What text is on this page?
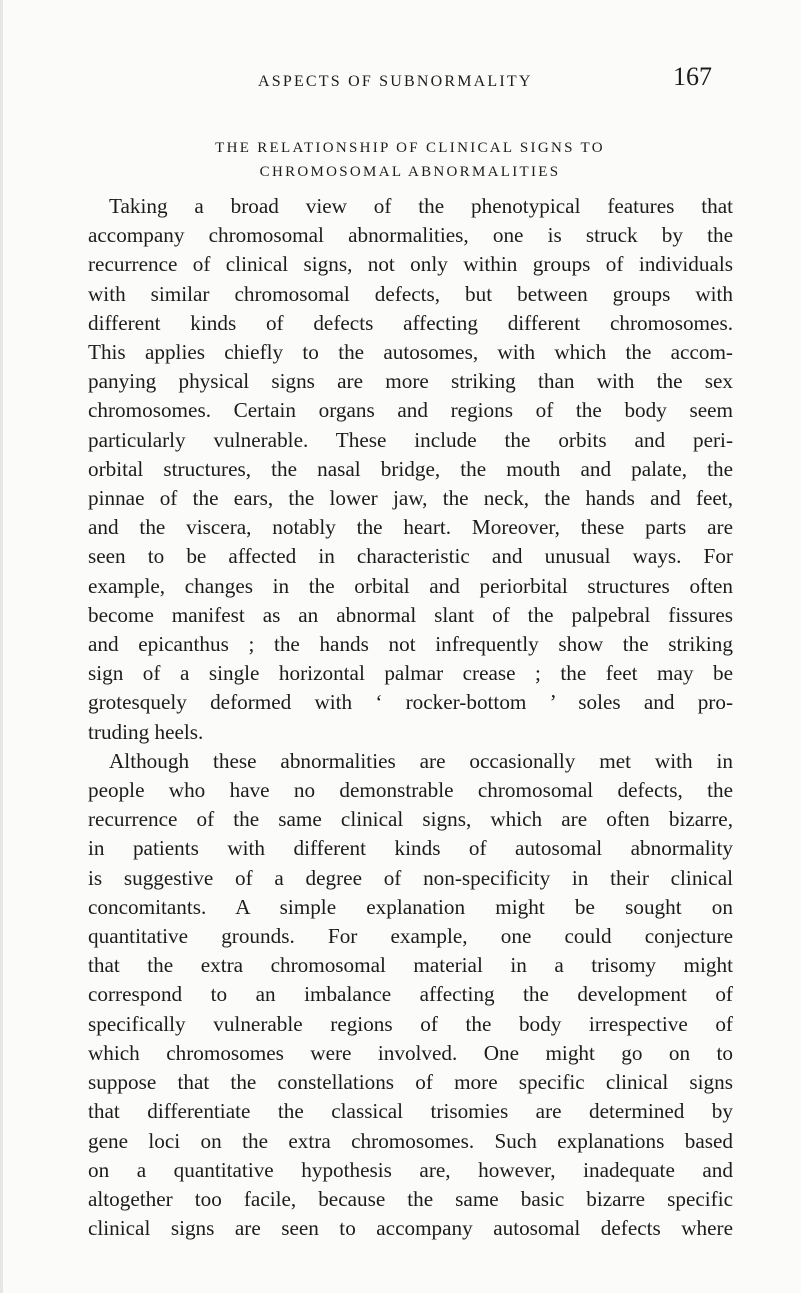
ASPECTS OF SUBNORMALITY	167
THE RELATIONSHIP OF CLINICAL SIGNS TO
CHROMOSOMAL ABNORMALITIES
Taking a broad view of the phenotypical features that
accompany chromosomal abnormalities, one is struck by the
recurrence of clinical signs, not only within groups of individuals
with similar chromosomal defects, but between groups with
different kinds of defects affecting different chromosomes.
This applies chiefly to the autosomes, with which the accom-
panying physical signs are more striking than with the sex
chromosomes. Certain organs and regions of the body seem
particularly vulnerable. These include the orbits and peri-
orbital structures, the nasal bridge, the mouth and palate, the
pinnae of the ears, the lower jaw, the neck, the hands and feet,
and the viscera, notably the heart. Moreover, these parts are
seen to be affected in characteristic and unusual ways. For
example, changes in the orbital and periorbital structures often
become manifest as an abnormal slant of the palpebral fissures
and epicanthus ; the hands not infrequently show the striking
sign of a single horizontal palmar crease ; the feet may be
grotesquely deformed with ‘ rocker-bottom ’ soles and pro-
truding heels.
Although these abnormalities are occasionally met with in
people who have no demonstrable chromosomal defects, the
recurrence of the same clinical signs, which are often bizarre,
in patients with different kinds of autosomal abnormality
is suggestive of a degree of non-specificity in their clinical
concomitants. A simple explanation might be sought on
quantitative grounds. For example, one could conjecture
that the extra chromosomal material in a trisomy might
correspond to an imbalance affecting the development of
specifically vulnerable regions of the body irrespective of
which chromosomes were involved. One might go on to
suppose that the constellations of more specific clinical signs
that differentiate the classical trisomies are determined by
gene loci on the extra chromosomes. Such explanations based
on a quantitative hypothesis are, however, inadequate and
altogether too facile, because the same basic bizarre specific
clinical signs are seen to accompany autosomal defects where
